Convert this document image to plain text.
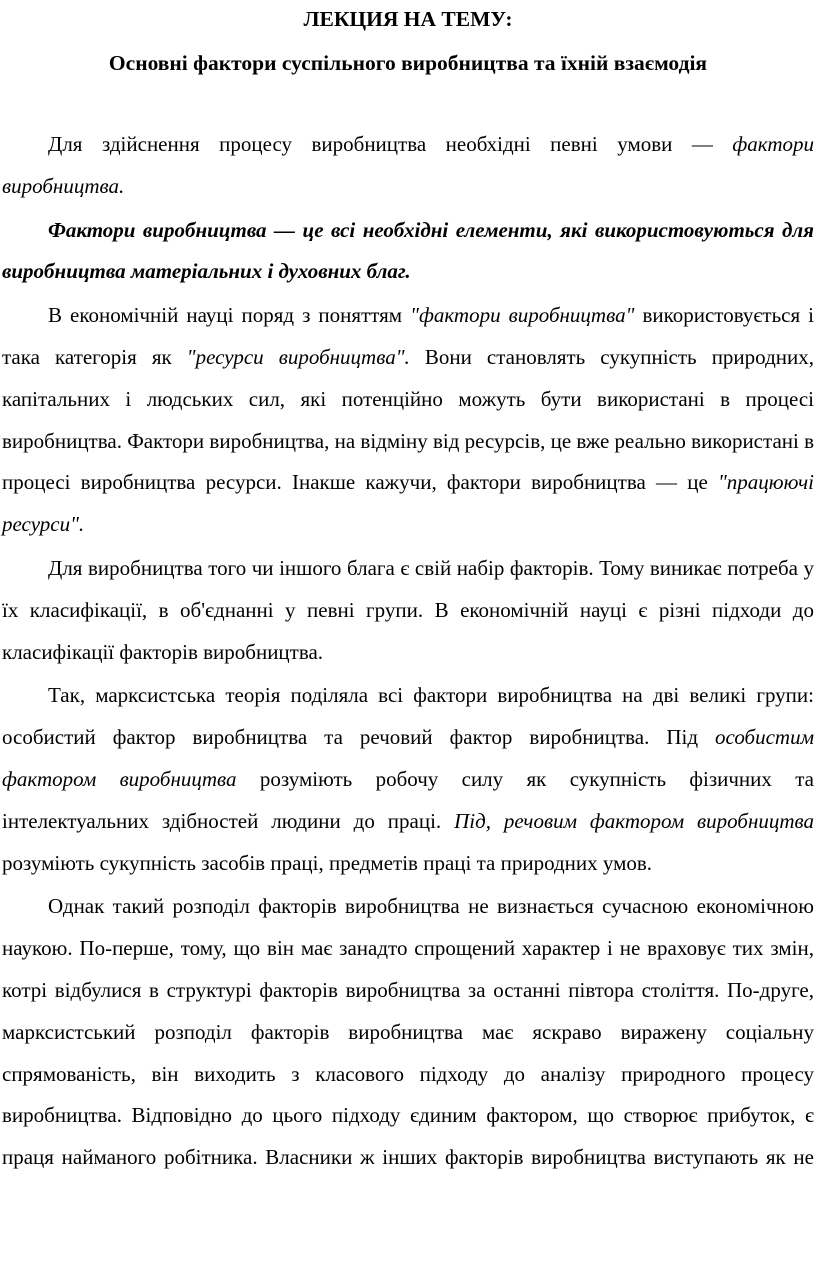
ЛЕКЦИЯ НА ТЕМУ:
Основні фактори суспільного виробництва та їхній взаємодія

Для здійснення процесу виробництва необхідні певні умови — фактори виробництва.

Фактори виробництва — це всі необхідні елементи, які використовуються для виробництва матеріальних і духовних благ.

В економічній науці поряд з поняттям "фактори виробництва" використовується і така категорія як "ресурси виробництва". Вони становлять сукупність природних, капітальних і людських сил, які потенційно можуть бути використані в процесі виробництва. Фактори виробництва, на відміну від ресурсів, це вже реально використані в процесі виробництва ресурси. Інакше кажучи, фактори виробництва — це "працюючі ресурси".

Для виробництва того чи іншого блага є свій набір факторів. Тому виникає потреба у їх класифікації, в об'єднанні у певні групи. В економічній науці є різні підходи до класифікації факторів виробництва.

Так, марксистська теорія поділяла всі фактори виробництва на дві великі групи: особистий фактор виробництва та речовий фактор виробництва. Під особистим фактором виробництва розуміють робочу силу як сукупність фізичних та інтелектуальних здібностей людини до праці. Під, речовим фактором виробництва розуміють сукупність засобів праці, предметів праці та природних умов.

Однак такий розподіл факторів виробництва не визнається сучасною економічною наукою. По-перше, тому, що він має занадто спрощений характер і не враховує тих змін, котрі відбулися в структурі факторів виробництва за останні півтора століття. По-друге, марксистський розподіл факторів виробництва має яскраво виражену соціальну спрямованість, він виходить з класового підходу до аналізу природного процесу виробництва. Відповідно до цього підходу єдиним фактором, що створює прибуток, є праця найманого робітника. Власники ж інших факторів виробництва виступають як не
